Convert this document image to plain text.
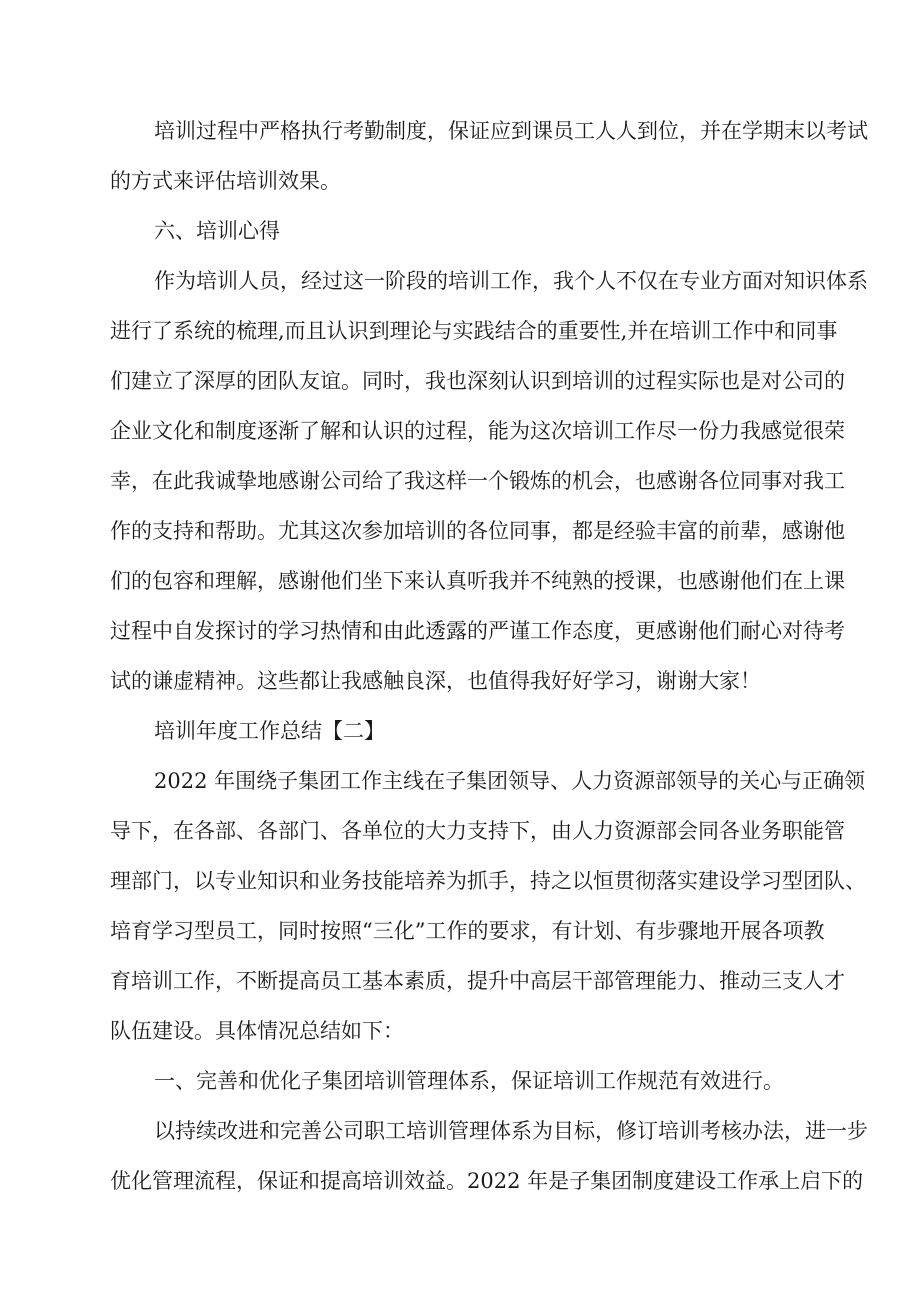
培训过程中严格执行考勤制度，保证应到课员工人人到位，并在学期末以考试
的方式来评估培训效果。
六、培训心得
作为培训人员，经过这一阶段的培训工作，我个人不仅在专业方面对知识体系
进行了系统的梳理,而且认识到理论与实践结合的重要性,并在培训工作中和同事
们建立了深厚的团队友谊。同时，我也深刻认识到培训的过程实际也是对公司的
企业文化和制度逐渐了解和认识的过程，能为这次培训工作尽一份力我感觉很荣
幸，在此我诚挚地感谢公司给了我这样一个锻炼的机会，也感谢各位同事对我工
作的支持和帮助。尤其这次参加培训的各位同事，都是经验丰富的前辈，感谢他
们的包容和理解，感谢他们坐下来认真听我并不纯熟的授课，也感谢他们在上课
过程中自发探讨的学习热情和由此透露的严谨工作态度，更感谢他们耐心对待考
试的谦虚精神。这些都让我感触良深，也值得我好好学习，谢谢大家！
培训年度工作总结【二】
2022 年围绕子集团工作主线在子集团领导、人力资源部领导的关心与正确领
导下，在各部、各部门、各单位的大力支持下，由人力资源部会同各业务职能管
理部门，以专业知识和业务技能培养为抓手，持之以恒贯彻落实建设学习型团队、
培育学习型员工，同时按照“三化”工作的要求，有计划、有步骤地开展各项教
育培训工作，不断提高员工基本素质，提升中高层干部管理能力、推动三支人才
队伍建设。具体情况总结如下：
一、完善和优化子集团培训管理体系，保证培训工作规范有效进行。
以持续改进和完善公司职工培训管理体系为目标，修订培训考核办法，进一步
优化管理流程，保证和提高培训效益。2022 年是子集团制度建设工作承上启下的
